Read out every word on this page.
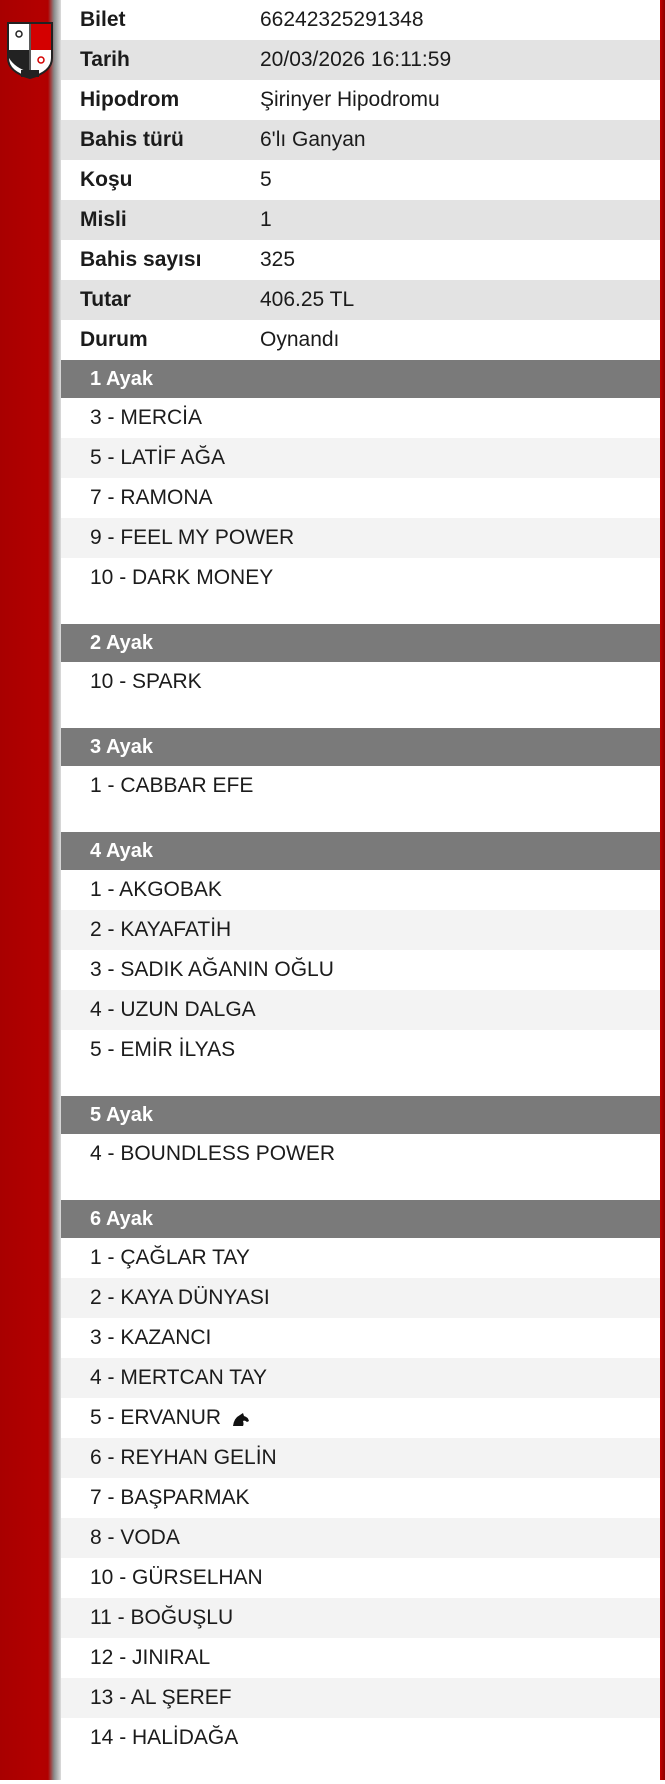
Bilet	66242325291348
Tarih	20/03/2026 16:11:59
Hipodrom	Şirinyer Hipodromu
Bahis türü	6'lı Ganyan
Koşu	5
Misli	1
Bahis sayısı	325
Tutar	406.25 TL
Durum	Oynandı
1 Ayak
3 - MERCİA
5 - LATİF AĞA
7 - RAMONA
9 - FEEL MY POWER
10 - DARK MONEY
2 Ayak
10 - SPARK
3 Ayak
1 - CABBAR EFE
4 Ayak
1 - AKGOBAK
2 - KAYAFATİH
3 - SADIK AĞANIN OĞLU
4 - UZUN DALGA
5 - EMİR İLYAS
5 Ayak
4 - BOUNDLESS POWER
6 Ayak
1 - ÇAĞLAR TAY
2 - KAYA DÜNYASI
3 - KAZANCI
4 - MERTCAN TAY
5 - ERVANUR
6 - REYHAN GELİN
7 - BAŞPARMAK
8 - VODA
10 - GÜRSELHAN
11 - BOĞUŞLU
12 - JINIRAL
13 - AL ŞEREF
14 - HALİDAĞA
